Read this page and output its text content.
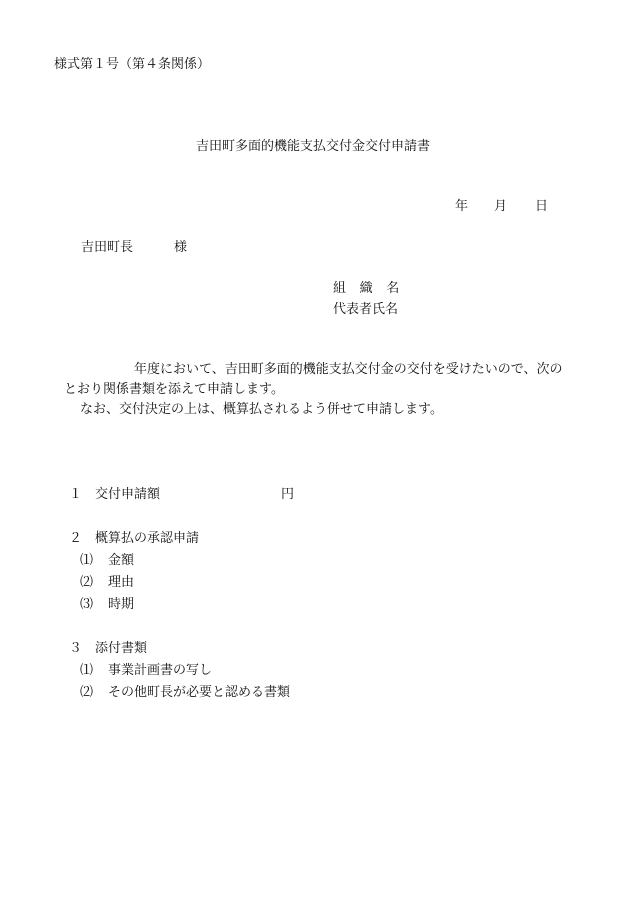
様式第１号（第４条関係）
吉田町多面的機能支払交付金交付申請書
年 月 日
吉田町長	様
組　織　名
代表者氏名
年度において、吉田町多面的機能支払交付金の交付を受けたいので、次の
とおり関係書類を添えて申請します。
なお、交付決定の上は、概算払されるよう併せて申請します。
１ 交付申請額	円
２ 概算払の承認申請
⑴ 金額
⑵ 理由
⑶ 時期
３ 添付書類
⑴ 事業計画書の写し
⑵ その他町長が必要と認める書類
